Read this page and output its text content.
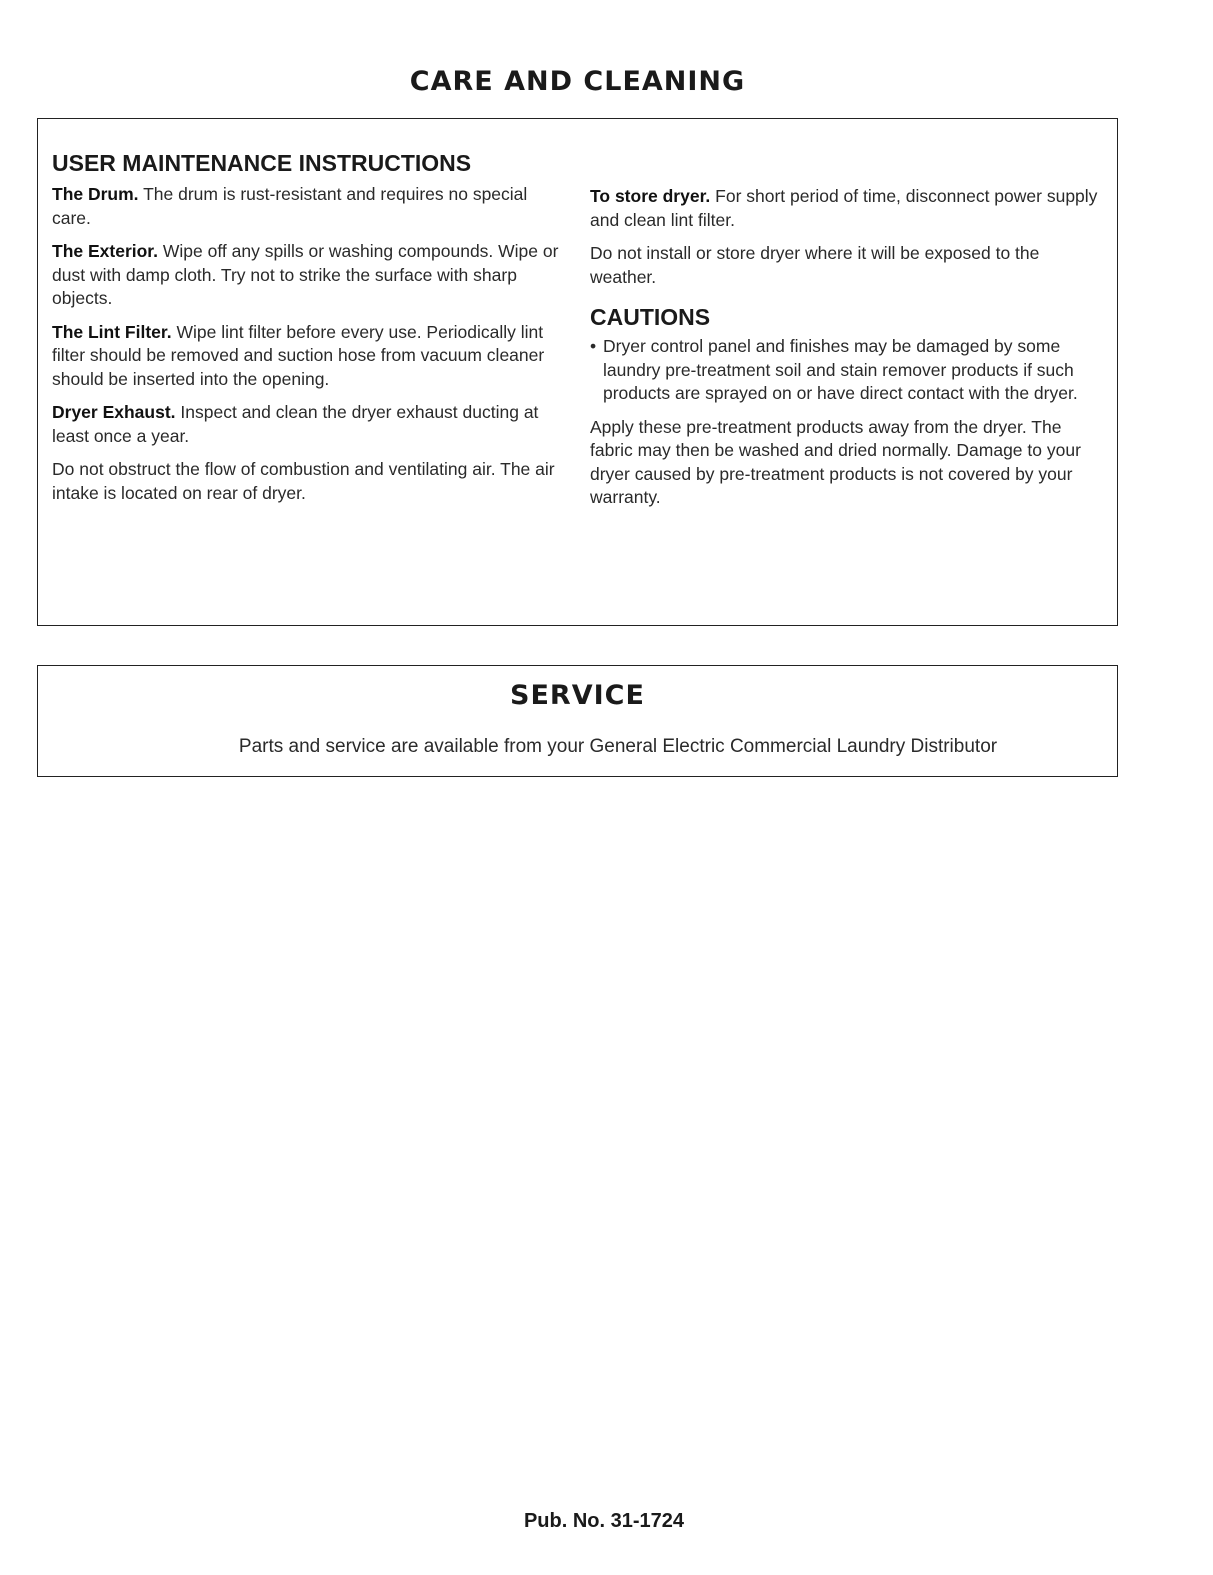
CARE AND CLEANING
USER MAINTENANCE INSTRUCTIONS

The Drum. The drum is rust-resistant and requires no special care.

The Exterior. Wipe off any spills or washing compounds. Wipe or dust with damp cloth. Try not to strike the surface with sharp objects.

The Lint Filter. Wipe lint filter before every use. Periodically lint filter should be removed and suction hose from vacuum cleaner should be inserted into the opening.

Dryer Exhaust. Inspect and clean the dryer exhaust ducting at least once a year.

Do not obstruct the flow of combustion and ventilating air. The air intake is located on rear of dryer.

To store dryer. For short period of time, disconnect power supply and clean lint filter.

Do not install or store dryer where it will be exposed to the weather.

CAUTIONS
• Dryer control panel and finishes may be damaged by some laundry pre-treatment soil and stain remover products if such products are sprayed on or have direct contact with the dryer.

Apply these pre-treatment products away from the dryer. The fabric may then be washed and dried normally. Damage to your dryer caused by pre-treatment products is not covered by your warranty.

SERVICE
Parts and service are available from your General Electric Commercial Laundry Distributor
Pub. No. 31-1724
